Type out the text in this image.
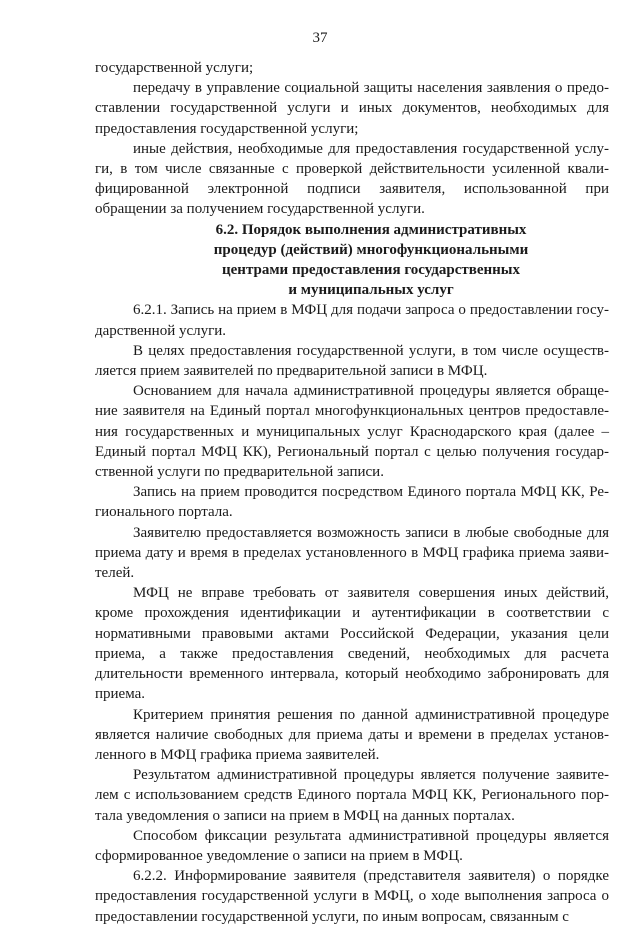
37

государственной услуги;

передачу в управление социальной защиты населения заявления о предоставлении государственной услуги и иных документов, необходимых для предоставления государственной услуги;

иные действия, необходимые для предоставления государственной услуги, в том числе связанные с проверкой действительности усиленной квалифицированной электронной подписи заявителя, использованной при обращении за получением государственной услуги.

6.2. Порядок выполнения административных
процедур (действий) многофункциональными
центрами предоставления государственных
и муниципальных услуг

6.2.1. Запись на прием в МФЦ для подачи запроса о предоставлении государственной услуги.

В целях предоставления государственной услуги, в том числе осуществляется прием заявителей по предварительной записи в МФЦ.

Основанием для начала административной процедуры является обращение заявителя на Единый портал многофункциональных центров предоставления государственных и муниципальных услуг Краснодарского края (далее – Единый портал МФЦ КК), Региональный портал с целью получения государственной услуги по предварительной записи.

Запись на прием проводится посредством Единого портала МФЦ КК, Регионального портала.

Заявителю предоставляется возможность записи в любые свободные для приема дату и время в пределах установленного в МФЦ графика приема заявителей.

МФЦ не вправе требовать от заявителя совершения иных действий, кроме прохождения идентификации и аутентификации в соответствии с нормативными правовыми актами Российской Федерации, указания цели приема, а также предоставления сведений, необходимых для расчета длительности временного интервала, который необходимо забронировать для приема.

Критерием принятия решения по данной административной процедуре является наличие свободных для приема даты и времени в пределах установленного в МФЦ графика приема заявителей.

Результатом административной процедуры является получение заявителем с использованием средств Единого портала МФЦ КК, Регионального портала уведомления о записи на прием в МФЦ на данных порталах.

Способом фиксации результата административной процедуры является сформированное уведомление о записи на прием в МФЦ.

6.2.2. Информирование заявителя (представителя заявителя) о порядке предоставления государственной услуги в МФЦ, о ходе выполнения запроса о предоставлении государственной услуги, по иным вопросам, связанным с
